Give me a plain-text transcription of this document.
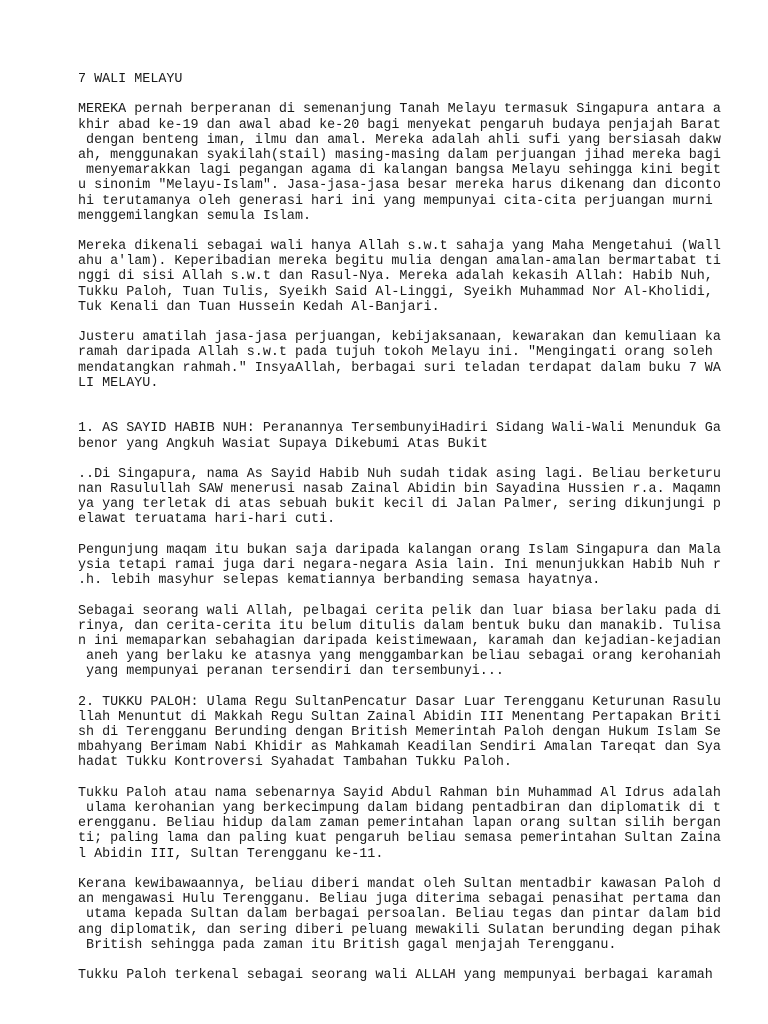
7 WALI MELAYU
MEREKA pernah berperanan di semenanjung Tanah Melayu termasuk Singapura antara a
khir abad ke-19 dan awal abad ke-20 bagi menyekat pengaruh budaya penjajah Barat
dengan benteng iman, ilmu dan amal. Mereka adalah ahli sufi yang bersiasah dakw
ah, menggunakan syakilah(stail) masing-masing dalam perjuangan jihad mereka bagi
menyemarakkan lagi pegangan agama di kalangan bangsa Melayu sehingga kini begit
u sinonim "Melayu-Islam". Jasa-jasa-jasa besar mereka harus dikenang dan diconto
hi terutamanya oleh generasi hari ini yang mempunyai cita-cita perjuangan murni
menggemilangkan semula Islam.
Mereka dikenali sebagai wali hanya Allah s.w.t sahaja yang Maha Mengetahui (Wall
ahu a'lam). Keperibadian mereka begitu mulia dengan amalan-amalan bermartabat ti
nggi di sisi Allah s.w.t dan Rasul-Nya. Mereka adalah kekasih Allah: Habib Nuh,
Tukku Paloh, Tuan Tulis, Syeikh Said Al-Linggi, Syeikh Muhammad Nor Al-Kholidi,
Tuk Kenali dan Tuan Hussein Kedah Al-Banjari.
Justeru amatilah jasa-jasa perjuangan, kebijaksanaan, kewarakan dan kemuliaan ka
ramah daripada Allah s.w.t pada tujuh tokoh Melayu ini. "Mengingati orang soleh
mendatangkan rahmah." InsyaAllah, berbagai suri teladan terdapat dalam buku 7 WA
LI MELAYU.
1. AS SAYID HABIB NUH: Peranannya TersembunyiHadiri Sidang Wali-Wali Menunduk Ga
benor yang Angkuh Wasiat Supaya Dikebumi Atas Bukit
..Di Singapura, nama As Sayid Habib Nuh sudah tidak asing lagi. Beliau berketuru
nan Rasulullah SAW menerusi nasab Zainal Abidin bin Sayadina Hussien r.a. Maqamn
ya yang terletak di atas sebuah bukit kecil di Jalan Palmer, sering dikunjungi p
elawat teruatama hari-hari cuti.
Pengunjung maqam itu bukan saja daripada kalangan orang Islam Singapura dan Mala
ysia tetapi ramai juga dari negara-negara Asia lain. Ini menunjukkan Habib Nuh r
.h. lebih masyhur selepas kematiannya berbanding semasa hayatnya.
Sebagai seorang wali Allah, pelbagai cerita pelik dan luar biasa berlaku pada di
rinya, dan cerita-cerita itu belum ditulis dalam bentuk buku dan manakib. Tulisa
n ini memaparkan sebahagian daripada keistimewaan, karamah dan kejadian-kejadian
aneh yang berlaku ke atasnya yang menggambarkan beliau sebagai orang kerohaniah
yang mempunyai peranan tersendiri dan tersembunyi...
2. TUKKU PALOH: Ulama Regu SultanPencatur Dasar Luar Terengganu Keturunan Rasulu
llah Menuntut di Makkah Regu Sultan Zainal Abidin III Menentang Pertapakan Briti
sh di Terengganu Berunding dengan British Memerintah Paloh dengan Hukum Islam Se
mbahyang Berimam Nabi Khidir as Mahkamah Keadilan Sendiri Amalan Tareqat dan Sya
hadat Tukku Kontroversi Syahadat Tambahan Tukku Paloh.
Tukku Paloh atau nama sebenarnya Sayid Abdul Rahman bin Muhammad Al Idrus adalah
ulama kerohanian yang berkecimpung dalam bidang pentadbiran dan diplomatik di t
erengganu. Beliau hidup dalam zaman pemerintahan lapan orang sultan silih bergan
ti; paling lama dan paling kuat pengaruh beliau semasa pemerintahan Sultan Zaina
l Abidin III, Sultan Terengganu ke-11.
Kerana kewibawaannya, beliau diberi mandat oleh Sultan mentadbir kawasan Paloh d
an mengawasi Hulu Terengganu. Beliau juga diterima sebagai penasihat pertama dan
utama kepada Sultan dalam berbagai persoalan. Beliau tegas dan pintar dalam bid
ang diplomatik, dan sering diberi peluang mewakili Sulatan berunding degan pihak
British sehingga pada zaman itu British gagal menjajah Terengganu.
Tukku Paloh terkenal sebagai seorang wali ALLAH yang mempunyai berbagai karamah
